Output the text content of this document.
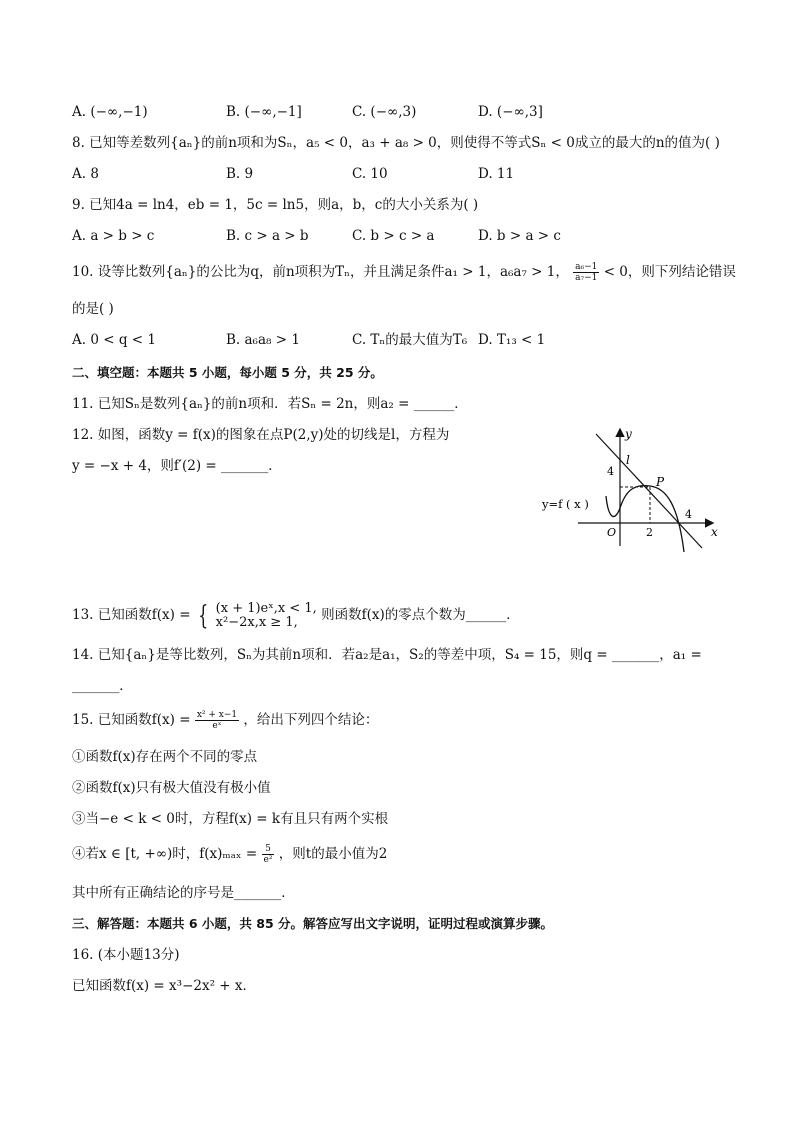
A. (−∞,−1)	B. (−∞,−1]	C. (−∞,3)	D. (−∞,3]
8. 已知等差数列{aₙ}的前n项和为Sₙ，a₅ < 0，a₃ + a₈ > 0，则使得不等式Sₙ < 0成立的最大的n的值为( )
A. 8	B. 9	C. 10	D. 11
9. 已知4a = ln4，eb = 1，5c = ln5，则a，b，c的大小关系为( )
A. a > b > c	B. c > a > b	C. b > c > a	D. b > a > c
10. 设等比数列{aₙ}的公比为q，前n项积为Tₙ，并且满足条件a₁ > 1，a₆a₇ > 1， $\frac{\text{a₆−1}}{\text{a₇−1}} < 0$，则下列结论错误
的是( )
A. 0 < q < 1	B. a₆a₈ > 1	C. Tₙ的最大值为T₆ D. T₁₃ < 1
二、填空题：本题共 5 小题，每小题 5 分，共 25 分。
11. 已知Sₙ是数列{aₙ}的前n项和．若Sₙ = 2n，则a₂ = ______．
12. 如图，函数y = f(x)的图象在点P(2,y)处的切线是l，方程为
y = −x + 4，则f′(2) = _______．
y
x
l
4
P
4
O	2
y=f ( x )
13. 已知函数f(x) = { (x + 1)eˣ,x < 1,
x²−2x,x ≥ 1,	则函数f(x)的零点个数为______．
14. 已知{aₙ}是等比数列，Sₙ为其前n项和．若a₂是a₁，S₂的等差中项，S₄ = 15，则q = _______，a₁ =
_______．
15. 已知函数$f(x) = \frac{\text{x² + x−1}}{\text{eˣ}}$ ，给出下列四个结论：
①函数f(x)存在两个不同的零点
②函数f(x)只有极大值没有极小值
③当−e < k < 0时，方程f(x) = k有且只有两个实根
④若x ∈ [t, +∞)时，$f(x)_{max} = \frac{5}{\text{e²}}$ ，则t的最小值为2
其中所有正确结论的序号是_______．
三、解答题：本题共 6 小题，共 85 分。解答应写出文字说明，证明过程或演算步骤。
16. (本小题13分)
已知函数f(x) = x³−2x² + x．
